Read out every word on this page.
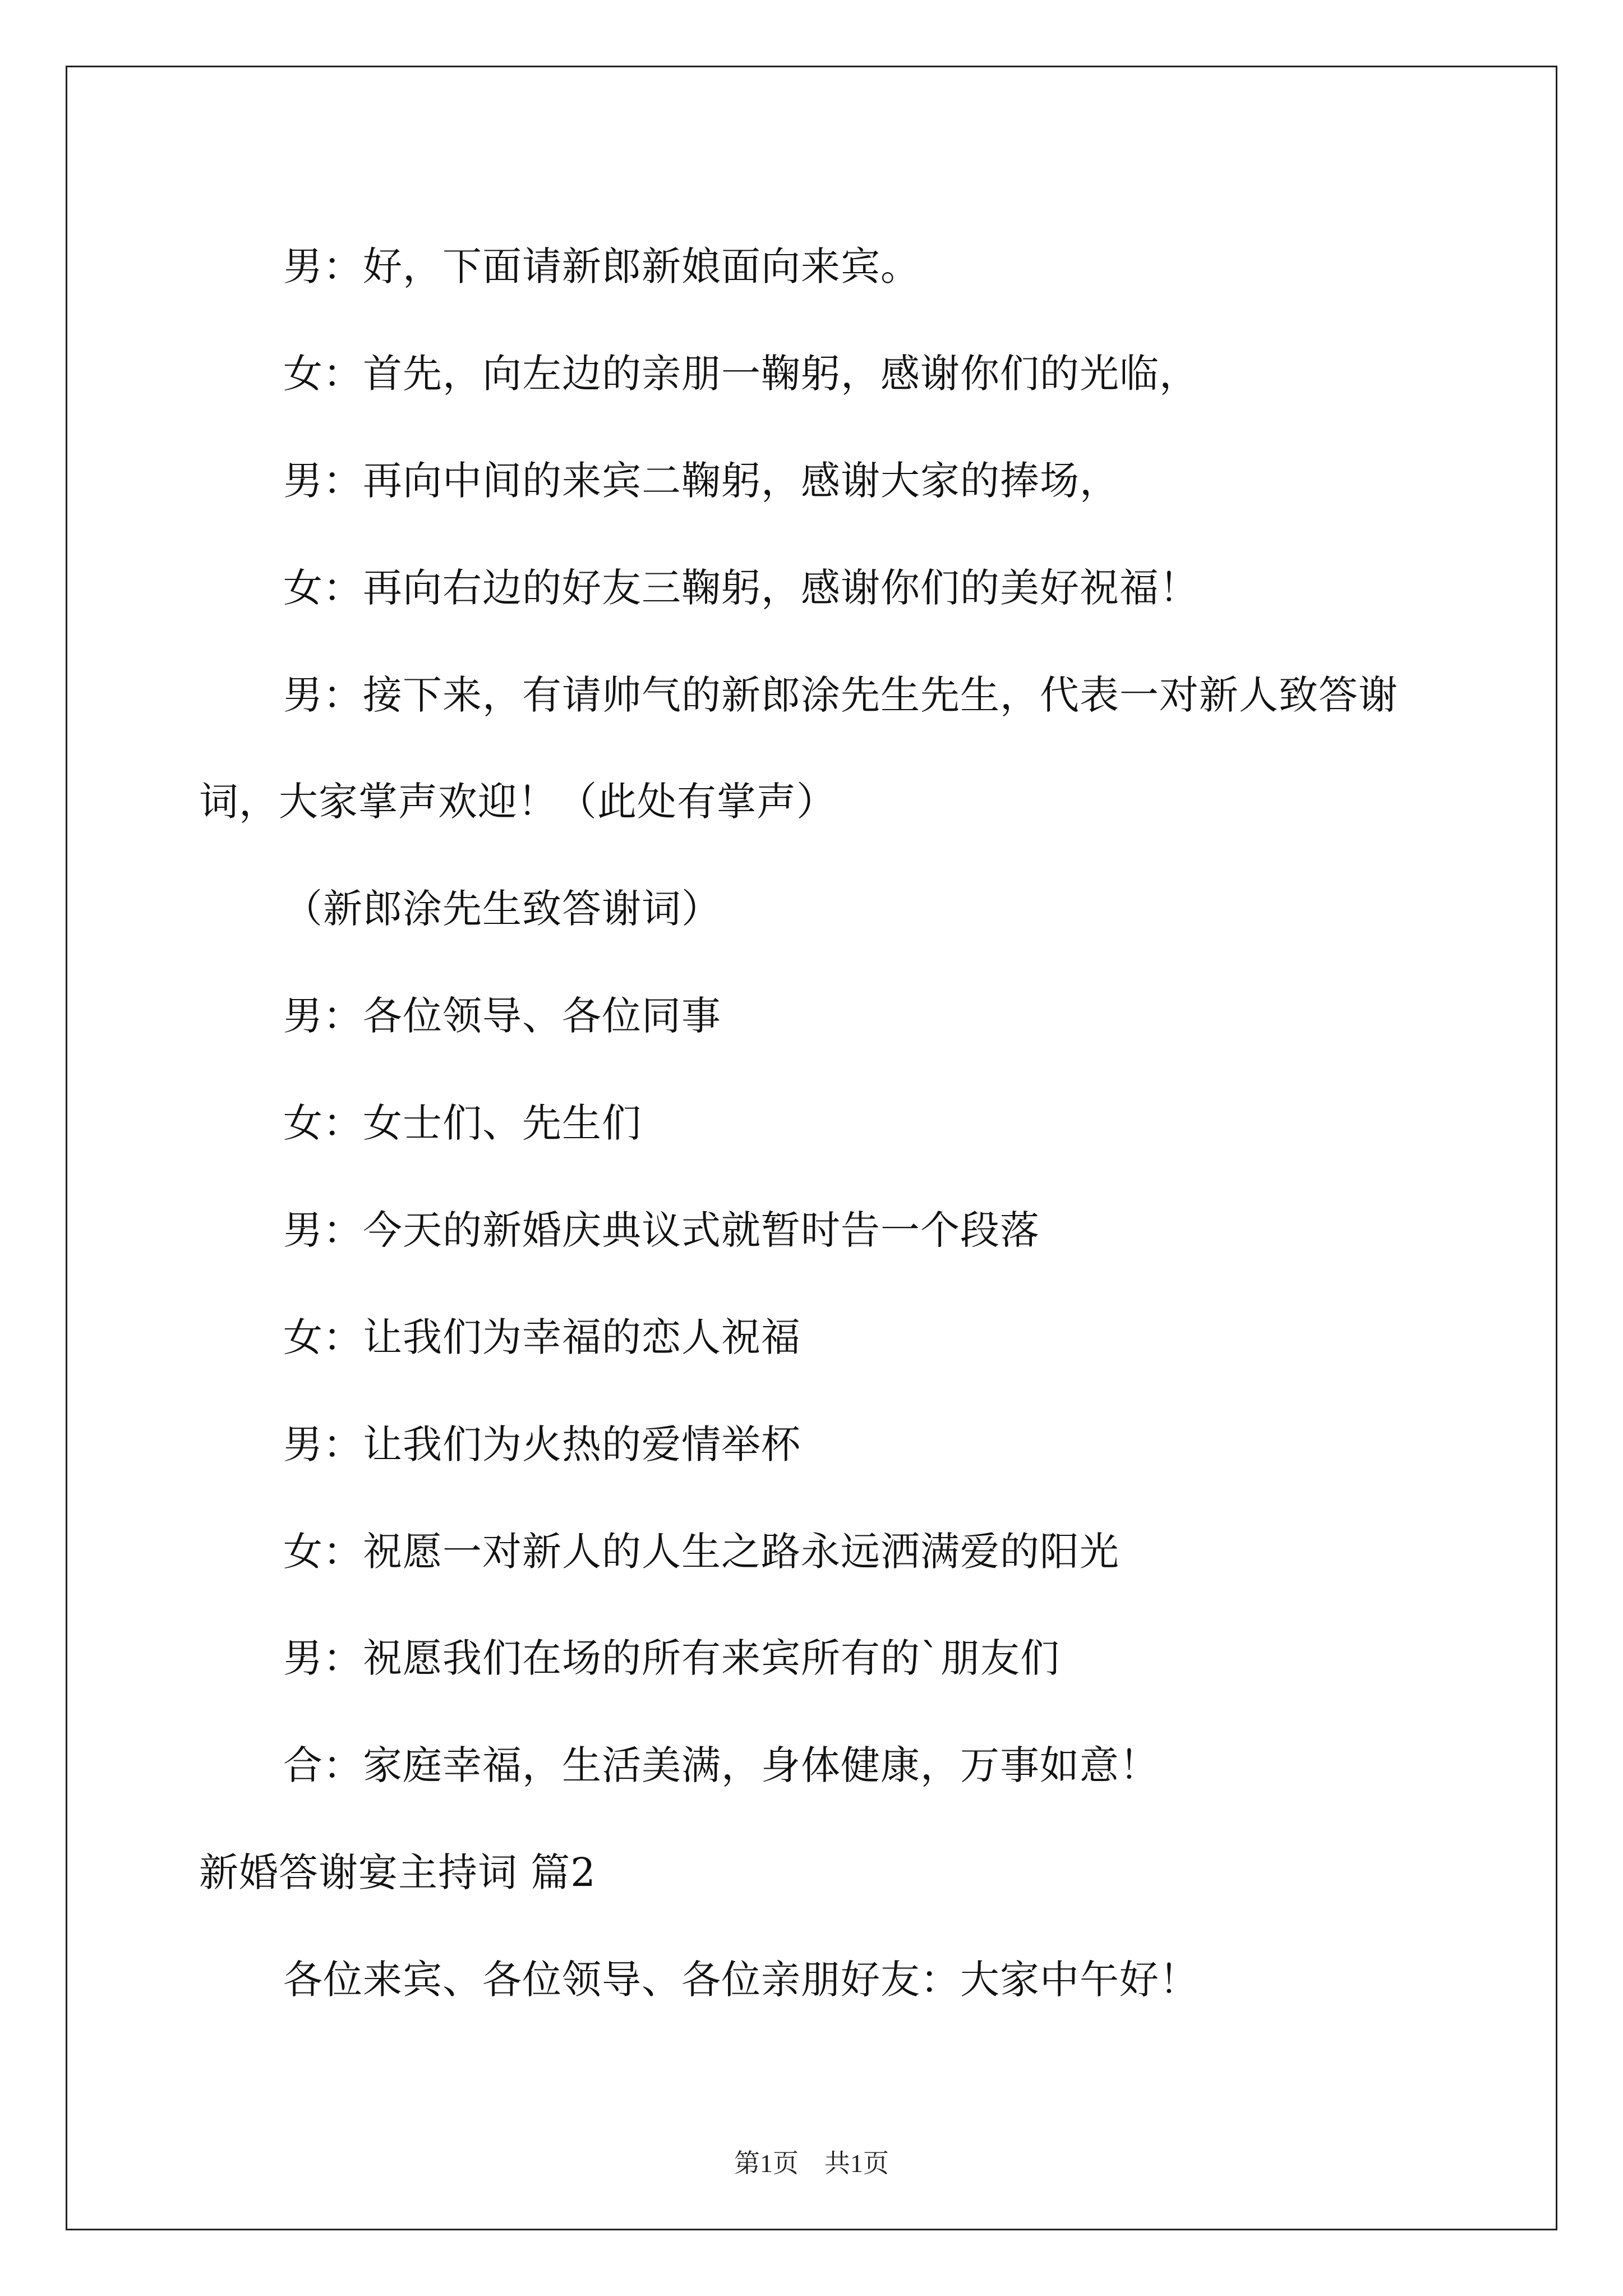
男：好，下面请新郎新娘面向来宾。
女：首先，向左边的亲朋一鞠躬，感谢你们的光临，
男：再向中间的来宾二鞠躬，感谢大家的捧场，
女：再向右边的好友三鞠躬，感谢你们的美好祝福！
男：接下来，有请帅气的新郎涂先生先生，代表一对新人致答谢
词，大家掌声欢迎！（此处有掌声）
（新郎涂先生致答谢词）
男：各位领导、各位同事
女：女士们、先生们
男：今天的新婚庆典议式就暂时告一个段落
女：让我们为幸福的恋人祝福
男：让我们为火热的爱情举杯
女：祝愿一对新人的人生之路永远洒满爱的阳光
男：祝愿我们在场的所有来宾所有的`朋友们
合：家庭幸福，生活美满，身体健康，万事如意！
新婚答谢宴主持词 篇2
各位来宾、各位领导、各位亲朋好友：大家中午好！
第1页　共1页
